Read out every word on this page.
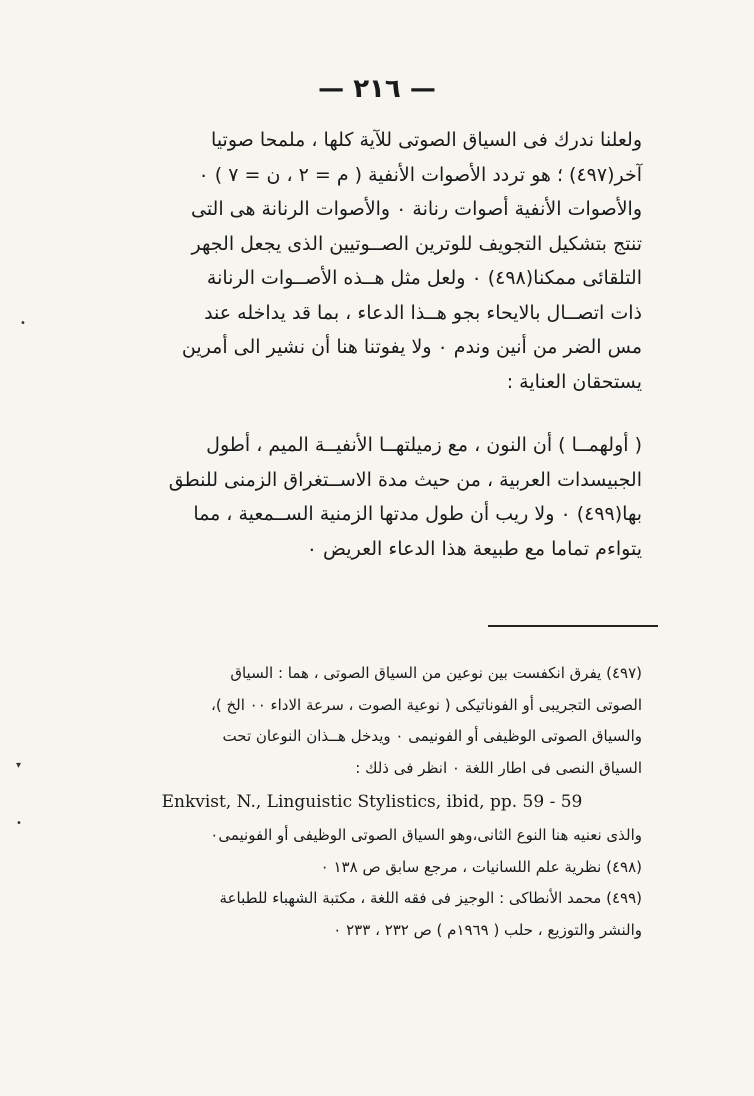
— ٢١٦ —

ولعلنا ندرك فى السياق الصوتى للآية كلها ، ملمحا صوتيا

آخر(٤٩٧) ؛ هو تردد الأصوات الأنفية ( م = ٢ ، ن = ٧ ) ٠

والأصوات الأنفية أصوات رنانة ٠ والأصوات الرنانة هى التى

تنتج بتشكيل التجويف للوترين الصــوتيين الذى يجعل الجهر

التلقائى ممكنا(٤٩٨) ٠ ولعل مثل هــذه الأصــوات الرنانة

ذات اتصــال بالايحاء بجو هــذا الدعاء ، بما قد يداخله عند

مس الضر من أنين وندم ٠ ولا يفوتنا هنا أن نشير الى أمرين

يستحقان العناية :

( أولهمــا ) أن النون ، مع زميلتهــا الأنفيــة الميم ، أطول

الجبيسدات العربية ، من حيث مدة الاســتغراق الزمنى للنطق

بها(٤٩٩) ٠ ولا ريب أن طول مدتها الزمنية الســمعية ، مما

يتواءم تماما مع طبيعة هذا الدعاء العريض ٠

(٤٩٧) يفرق انكفست بين نوعين من السياق الصوتى ، هما : السياق

الصوتى التجريبى أو الفوناتيكى ( نوعية الصوت ، سرعة الاداء ٠٠ الخ )،

والسياق الصوتى الوظيفى أو الفونيمى ٠ ويدخل هــذان النوعان تحت

السياق النصى فى اطار اللغة ٠ انظر فى ذلك :

Enkvist, N., Linguistic Stylistics, ibid, pp. 59 - 59

والذى نعنيه هنا النوع الثانى،وهو السياق الصوتى الوظيفى أو الفونيمى٠

(٤٩٨) نظرية علم اللسانيات ، مرجع سابق ص ١٣٨ ٠

(٤٩٩) محمد الأنطاكى : الوجيز فى فقه اللغة ، مكتبة الشهباء للطباعة

والنشر والتوزيع ، حلب ( ١٩٦٩م ) ص ٢٣٢ ، ٢٣٣ ٠

•
▾
•
